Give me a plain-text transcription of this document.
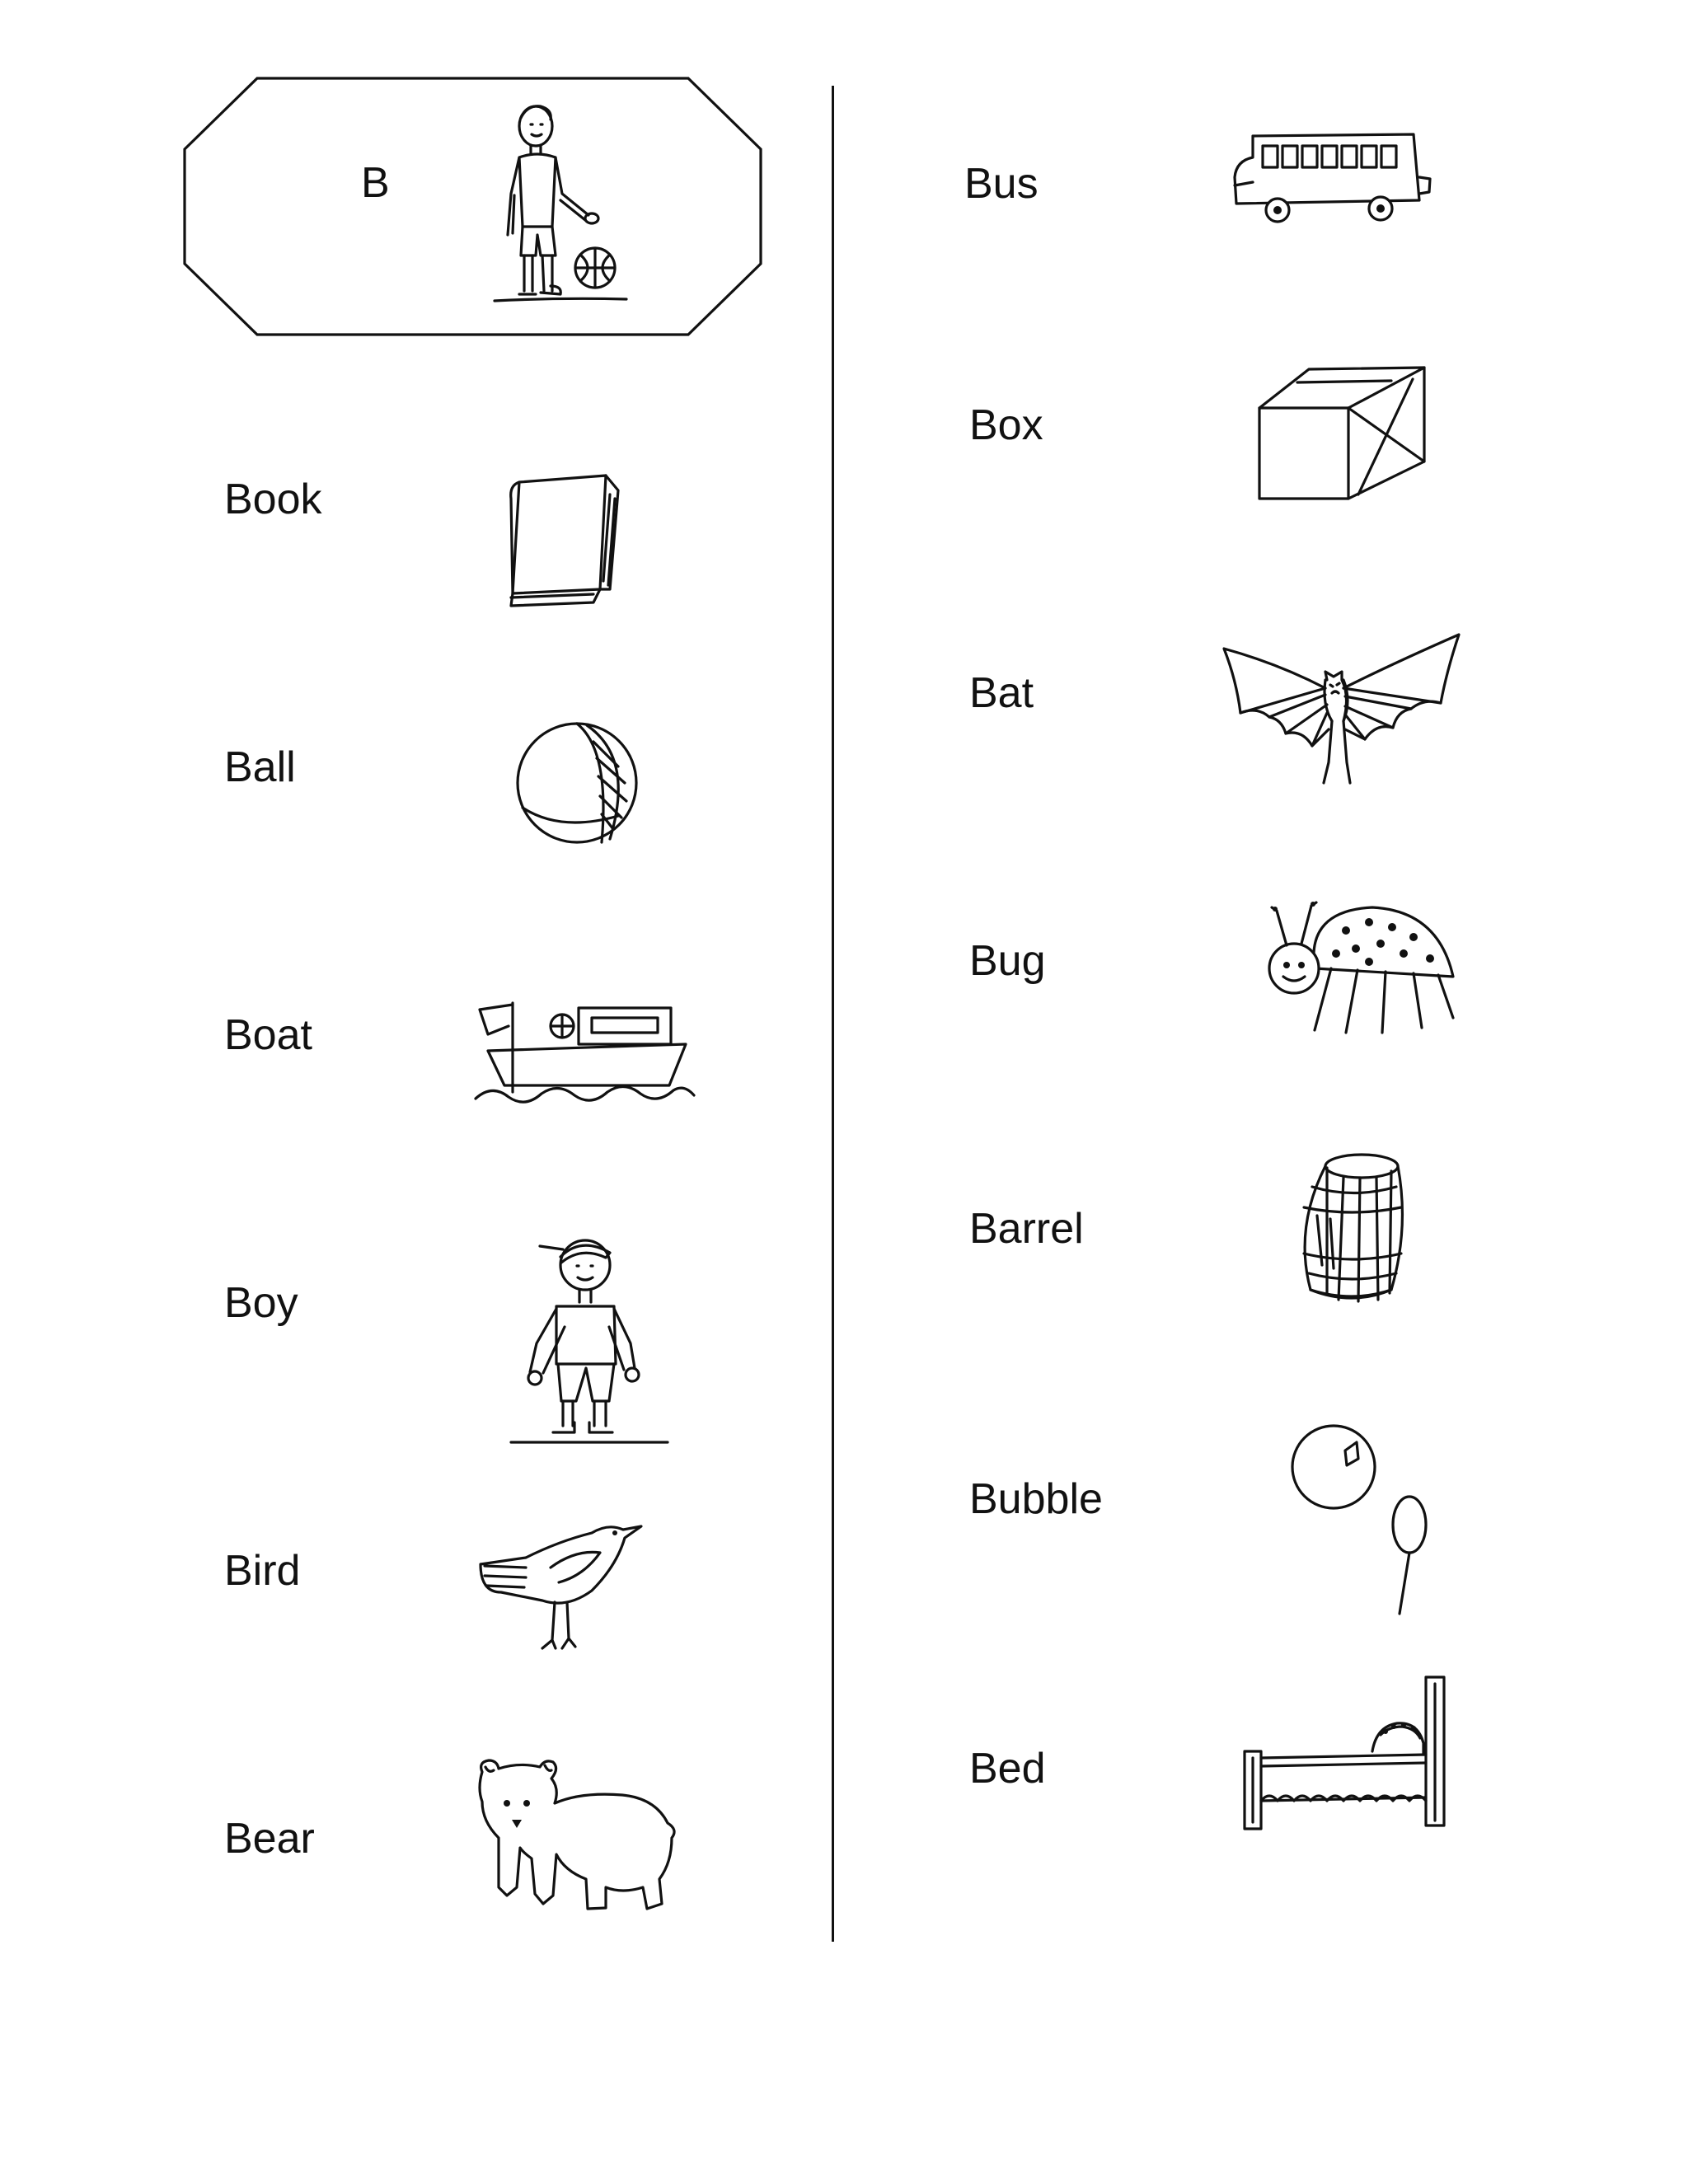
B
Book
Ball
Boat
Boy
Bird
Bear
Bus
Box
Bat
Bug
Barrel
Bubble
Bed
